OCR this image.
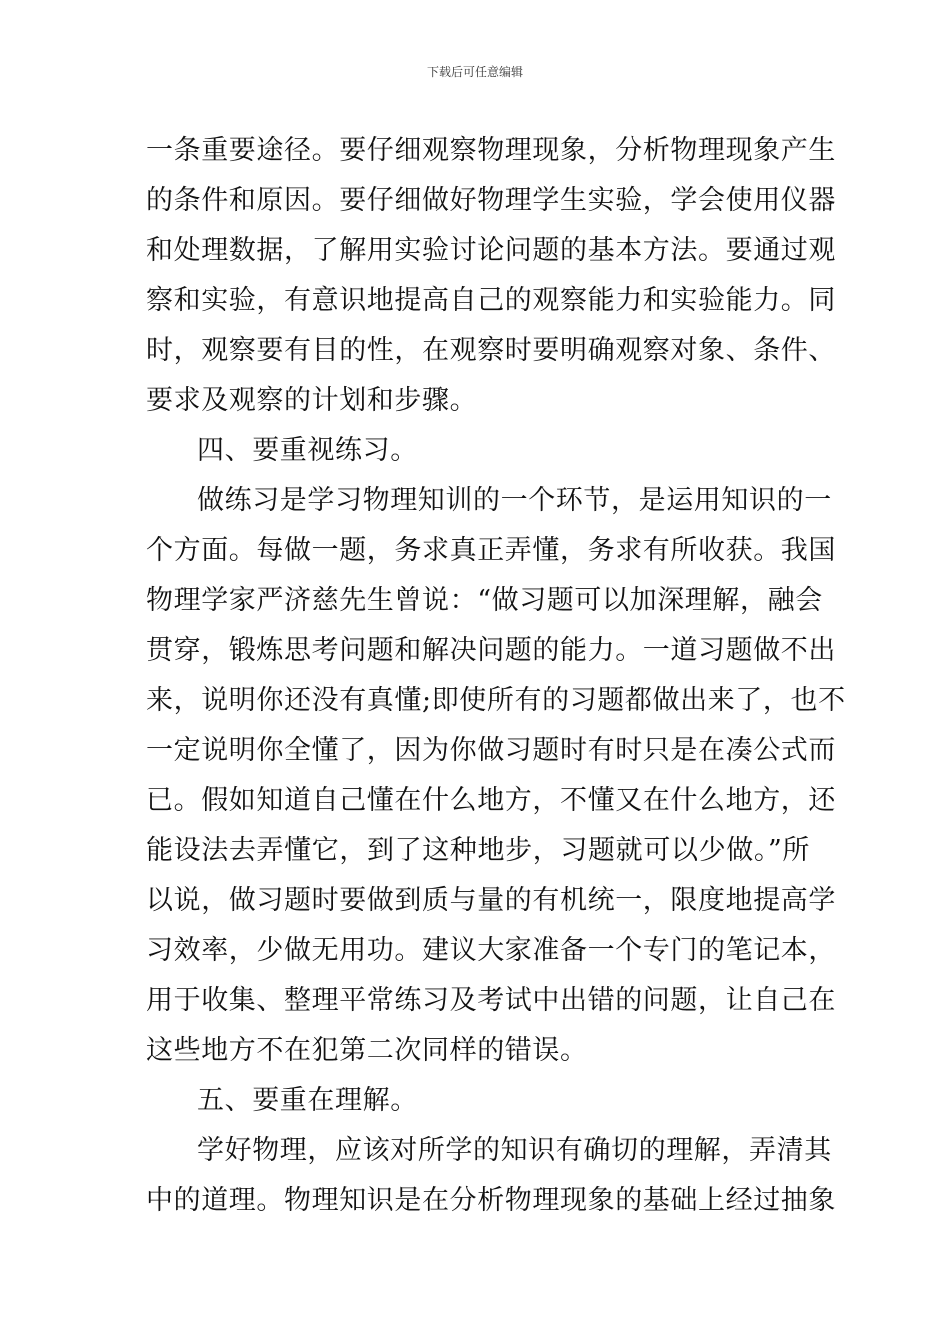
下载后可任意编辑
一条重要途径。要仔细观察物理现象，分析物理现象产生
的条件和原因。要仔细做好物理学生实验，学会使用仪器
和处理数据，了解用实验讨论问题的基本方法。要通过观
察和实验，有意识地提高自己的观察能力和实验能力。同
时，观察要有目的性，在观察时要明确观察对象、条件、
要求及观察的计划和步骤。
四、要重视练习。
做练习是学习物理知训的一个环节，是运用知识的一
个方面。每做一题，务求真正弄懂，务求有所收获。我国
物理学家严济慈先生曾说：“做习题可以加深理解，融会
贯穿，锻炼思考问题和解决问题的能力。一道习题做不出
来，说明你还没有真懂;即使所有的习题都做出来了，也不
一定说明你全懂了，因为你做习题时有时只是在凑公式而
已。假如知道自己懂在什么地方，不懂又在什么地方，还
能设法去弄懂它，到了这种地步，习题就可以少做。”所
以说，做习题时要做到质与量的有机统一，限度地提高学
习效率，少做无用功。建议大家准备一个专门的笔记本，
用于收集、整理平常练习及考试中出错的问题，让自己在
这些地方不在犯第二次同样的错误。
五、要重在理解。
学好物理，应该对所学的知识有确切的理解，弄清其
中的道理。物理知识是在分析物理现象的基础上经过抽象
